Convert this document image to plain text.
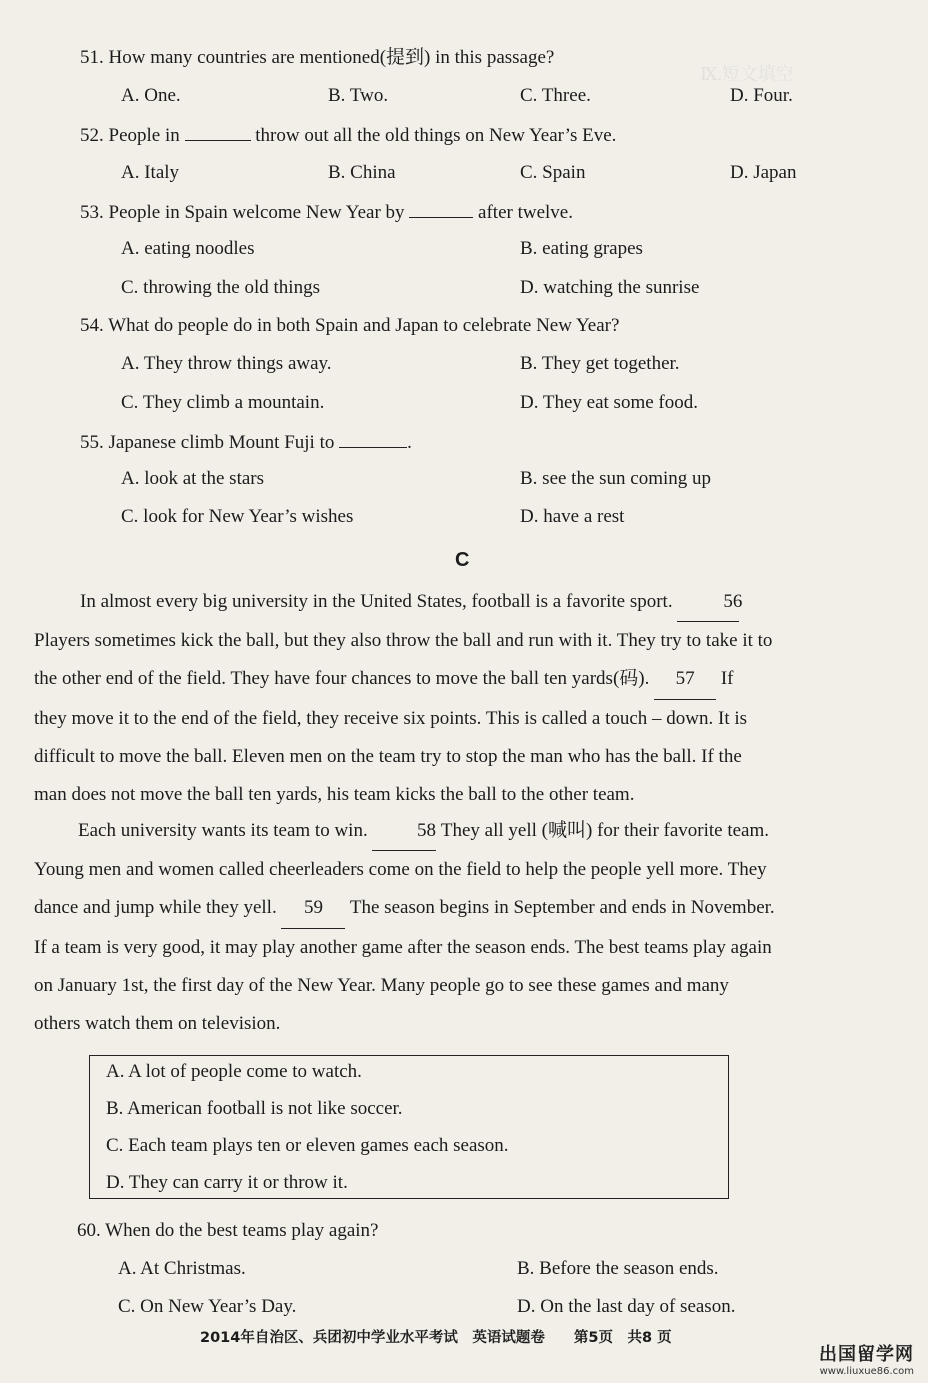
Ⅸ.短文填空
51. How many countries are mentioned(提到) in this passage?
A. One.	B. Two.	C. Three.	D. Four.
52. People in	throw out all the old things on New Year’s Eve.
A. Italy	B. China	C. Spain	D. Japan
53. People in Spain welcome New Year by	after twelve.
A. eating noodles	B. eating grapes
C. throwing the old things	D. watching the sunrise
54. What do people do in both Spain and Japan to celebrate New Year?
A. They throw things away.	B. They get together.
C. They climb a mountain.	D. They eat some food.
55. Japanese climb Mount Fuji to	.
A. look at the stars	B. see the sun coming up
C. look for New Year’s wishes	D. have a rest
C
In almost every big university in the United States, football is a favorite sport.	56
Players sometimes kick the ball, but they also throw the ball and run with it. They try to take it to
the other end of the field. They have four chances to move the ball ten yards(码). 57 If
they move it to the end of the field, they receive six points. This is called a touch – down. It is
difficult to move the ball. Eleven men on the team try to stop the man who has the ball. If the
man does not move the ball ten yards, his team kicks the ball to the other team.
Each university wants its team to win.	58 They all yell (喊叫) for their favorite team.
Young men and women called cheerleaders come on the field to help the people yell more. They
dance and jump while they yell. 59 The season begins in September and ends in November.
If a team is very good, it may play another game after the season ends. The best teams play again
on January 1st, the first day of the New Year. Many people go to see these games and many
others watch them on television.
A. A lot of people come to watch.
B. American football is not like soccer.
C. Each team plays ten or eleven games each season.
D. They can carry it or throw it.
60. When do the best teams play again?
A. At Christmas.	B. Before the season ends.
C. On New Year’s Day.	D. On the last day of season.
2014年自治区、兵团初中学业水平考试　英语试题卷　　第5页　共8 页
出国留学网
www.liuxue86.com
